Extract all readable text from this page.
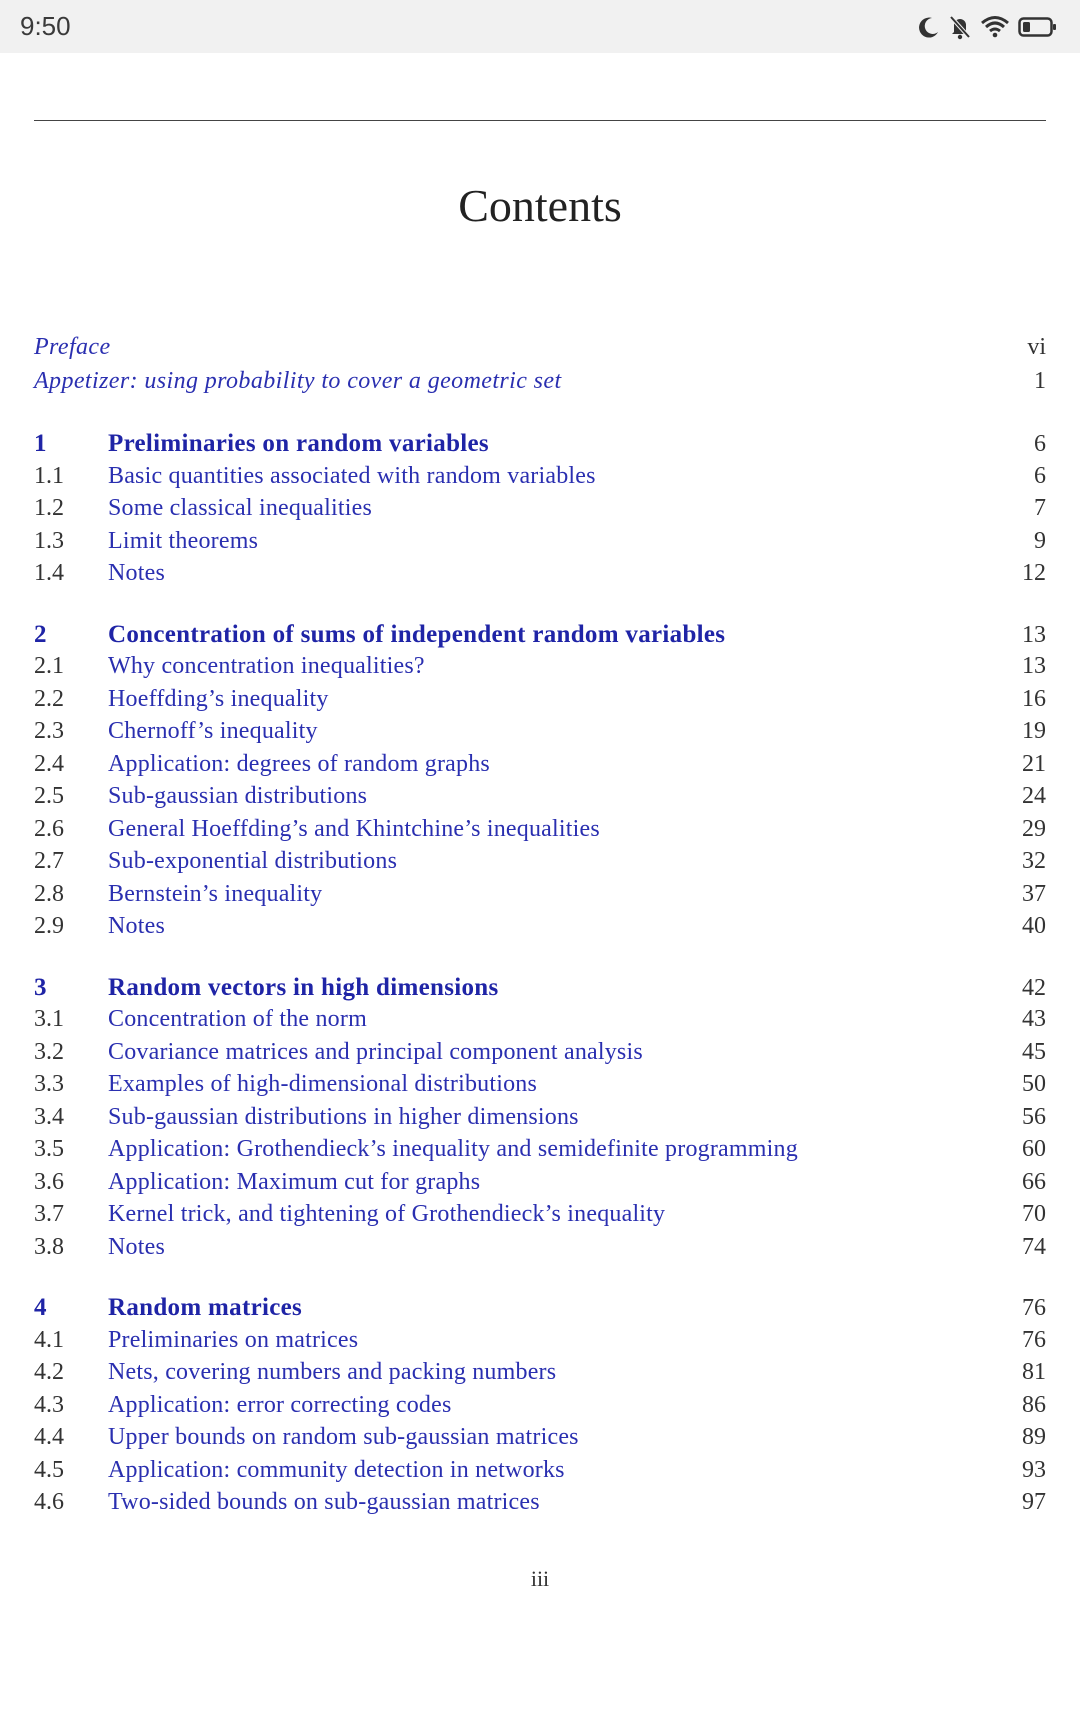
9:50
Contents
Preface	vi
Appetizer: using probability to cover a geometric set	1
1	Preliminaries on random variables	6
1.1	Basic quantities associated with random variables	6
1.2	Some classical inequalities	7
1.3	Limit theorems	9
1.4	Notes	12
2	Concentration of sums of independent random variables	13
2.1	Why concentration inequalities?	13
2.2	Hoeffding’s inequality	16
2.3	Chernoff’s inequality	19
2.4	Application: degrees of random graphs	21
2.5	Sub-gaussian distributions	24
2.6	General Hoeffding’s and Khintchine’s inequalities	29
2.7	Sub-exponential distributions	32
2.8	Bernstein’s inequality	37
2.9	Notes	40
3	Random vectors in high dimensions	42
3.1	Concentration of the norm	43
3.2	Covariance matrices and principal component analysis	45
3.3	Examples of high-dimensional distributions	50
3.4	Sub-gaussian distributions in higher dimensions	56
3.5	Application: Grothendieck’s inequality and semidefinite programming	60
3.6	Application: Maximum cut for graphs	66
3.7	Kernel trick, and tightening of Grothendieck’s inequality	70
3.8	Notes	74
4	Random matrices	76
4.1	Preliminaries on matrices	76
4.2	Nets, covering numbers and packing numbers	81
4.3	Application: error correcting codes	86
4.4	Upper bounds on random sub-gaussian matrices	89
4.5	Application: community detection in networks	93
4.6	Two-sided bounds on sub-gaussian matrices	97
iii
